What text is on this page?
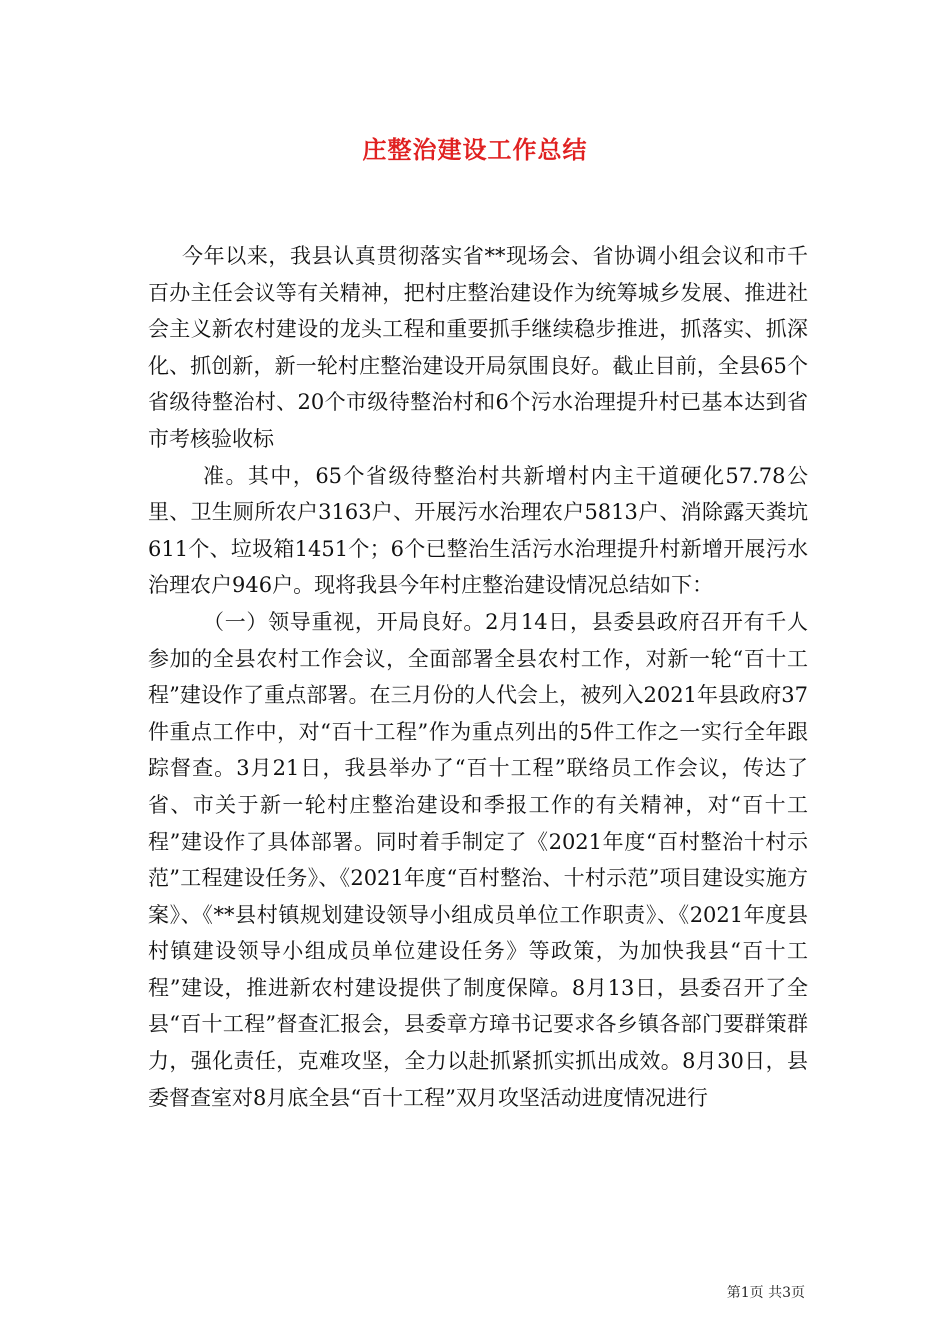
庄整治建设工作总结

今年以来，我县认真贯彻落实省**现场会、省协调小组会议和市千百办主任会议等有关精神，把村庄整治建设作为统筹城乡发展、推进社会主义新农村建设的龙头工程和重要抓手继续稳步推进，抓落实、抓深化、抓创新，新一轮村庄整治建设开局氛围良好。截止目前，全县65个省级待整治村、20个市级待整治村和6个污水治理提升村已基本达到省市考核验收标

准。其中，65个省级待整治村共新增村内主干道硬化57.78公里、卫生厕所农户3163户、开展污水治理农户5813户、消除露天粪坑611个、垃圾箱1451个；6个已整治生活污水治理提升村新增开展污水治理农户946户。现将我县今年村庄整治建设情况总结如下：

（一）领导重视，开局良好。2月14日，县委县政府召开有千人参加的全县农村工作会议，全面部署全县农村工作，对新一轮“百十工程”建设作了重点部署。在三月份的人代会上，被列入2021年县政府37件重点工作中，对“百十工程”作为重点列出的5件工作之一实行全年跟踪督查。3月21日，我县举办了“百十工程”联络员工作会议，传达了省、市关于新一轮村庄整治建设和季报工作的有关精神，对“百十工程”建设作了具体部署。同时着手制定了《2021年度“百村整治十村示范”工程建设任务》、《2021年度“百村整治、十村示范”项目建设实施方案》、《**县村镇规划建设领导小组成员单位工作职责》、《2021年度县村镇建设领导小组成员单位建设任务》等政策，为加快我县“百十工程”建设，推进新农村建设提供了制度保障。8月13日，县委召开了全县“百十工程”督查汇报会，县委章方璋书记要求各乡镇各部门要群策群力，强化责任，克难攻坚，全力以赴抓紧抓实抓出成效。8月30日，县委督查室对8月底全县“百十工程”双月攻坚活动进度情况进行

第1页 共3页
